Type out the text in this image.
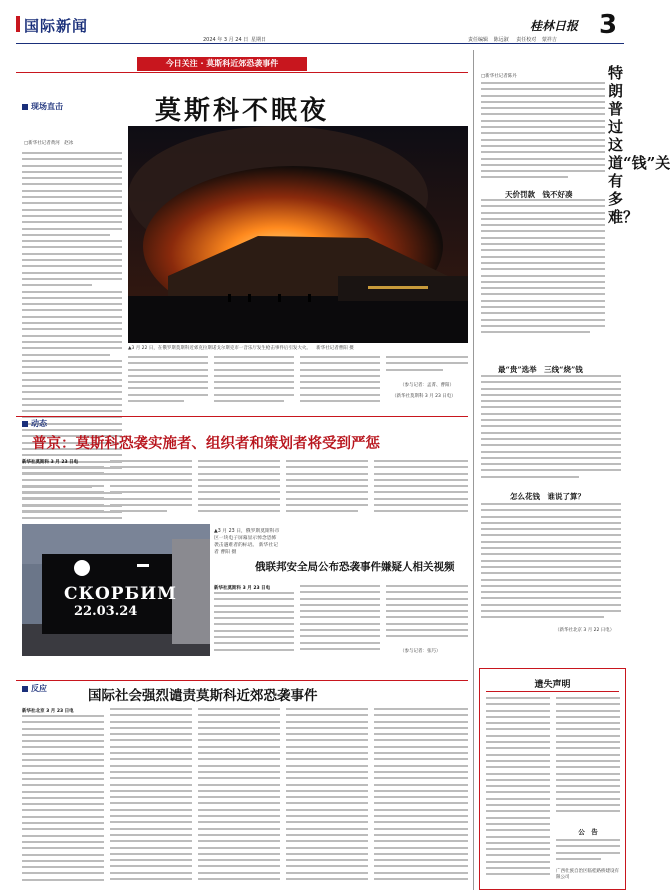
国际新闻
2024 年 3 月 24 日 星期日
桂林日报 3
责任编辑 陈远淑 责任校对 蒙祥吉
今日关注 · 莫斯科近郊恐袭事件
现场直击
□新华社记者黄河　赵冰
莫斯科不眠夜
▲3 月 22 日，在俄罗斯莫斯科近郊克拉斯诺戈尔斯克市一音乐厅发生枪击事件后引发大火。 新华社记者曹阳 摄
（参与记者：孟菁、曹阳）
（新华社莫斯科 3 月 23 日电）
动态
普京：莫斯科恐袭实施者、组织者和策划者将受到严惩
新华社莫斯科 3 月 23 日电
СКОРБИМ
22.03.24
▲3 月 23 日，俄罗斯莫斯科市区一块电子屏幕显示悼念恐怖袭击遇难者的标语。 新华社记者 曹阳 摄
俄联邦安全局公布恐袭事件嫌疑人相关视频
新华社莫斯科 3 月 23 日电
（参与记者：张巧）
反应	国际社会强烈谴责莫斯科近郊恐袭事件
新华社北京 3 月 23 日电
□新华社记者陈丹	特朗普过这道“钱”关有多难？
天价罚款　钱不好凑
最“贵”选举　三线“烧”钱
怎么花钱　谁说了算？
（新华社北京 3 月 22 日电）
遗失声明
公　告
广西壮族自治区临桂路桥建设有限公司
